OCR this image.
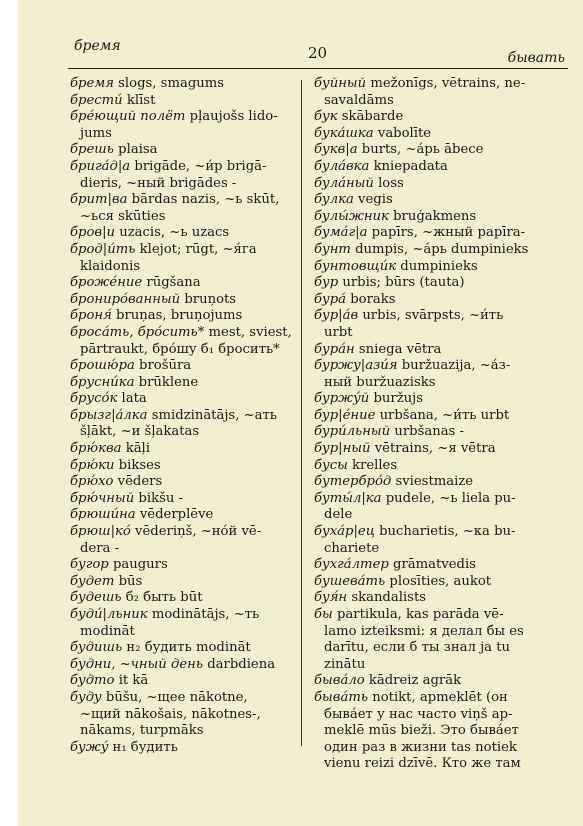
бремя	20	бывать
бремя slogs, smagums
брести́ klīst
бре́ющий полёт pļaujošs lido-
jums
брешь plaisa
брига́д|а brigāde, ~и́р brigā-
dieris, ~ный brigādes -
брит|ва bārdas nazis, ~ь skūt,
~ься skūties
бров|и uzacis, ~ь uzacs
брод|и́ть klejot; rūgt, ~я́га
klaidonis
броже́ние rūgšana
брониро́ванный bruņots
броня́ bruņas, bruņojums
броса́ть, бро́сить* mest, sviest,
pārtraukt, бро́шу б₁ бросить*
брошю́ра brošūra
брусни́ка brūklene
брусо́к lata
брызг|а́лка smidzinātājs, ~ать
šļākt, ~и šļakatas
брю́ква kāļi
брю́ки bikses
брю́хо vēders
брю́чный bikšu -
брюши́на vēderplēve
брюш|ко́ vēderiņš, ~но́й vē-
dera -
бугор paugurs
будет būs
будешь б₂ быть būt
буди́|льник modinātājs, ~ть
modināt
будишь н₂ будить modināt
будни, ~чный день darbdiena
будто it kā
буду būšu, ~щее nākotne,
~щий nākošais, nākotnes-,
nākams, turpmāks
бужу́ н₁ будить
буйный mežonīgs, vētrains, ne-
savaldāms
бук skābarde
бука́шка vabolīte
букв|а burts, ~а́рь ābece
була́вка kniepadata
була́ный loss
булка vegis
булы́жник bruģakmens
бума́г|а papīrs, ~жный papīra-
бунт dumpis, ~а́рь dumpinieks
бунтовщи́к dumpinieks
бур urbis; būrs (tauta)
бура́ boraks
бур|а́в urbis, svārpsts, ~и́ть
urbt
бура́н sniega vētra
буржу|ази́я buržuazija, ~а́з-
ный buržuazisks
буржу́й buržujs
бур|е́ние urbšana, ~и́ть urbt
бури́льный urbšanas -
бур|ный vētrains, ~я vētra
бусы krelles
бутербро́д sviestmaize
буты́л|ка pudele, ~ь liela pu-
dele
буха́р|ец bucharietis, ~ка bu-
chariete
бухга́лтер grāmatvedis
бушева́ть plosīties, aukot
буя́н skandalists
бы partikula, kas parāda vē-
lamo izteiksmi: я делал бы es
darītu, если б ты знал ja tu
zinātu
быва́ло kādreiz agrāk
быва́ть notikt, apmeklēt (он
быва́ет у нас часто viņš ap-
meklē mūs bieži. Это быва́ет
один раз в жизни tas notiek
vienu reizi dzīvē. Кто же там
